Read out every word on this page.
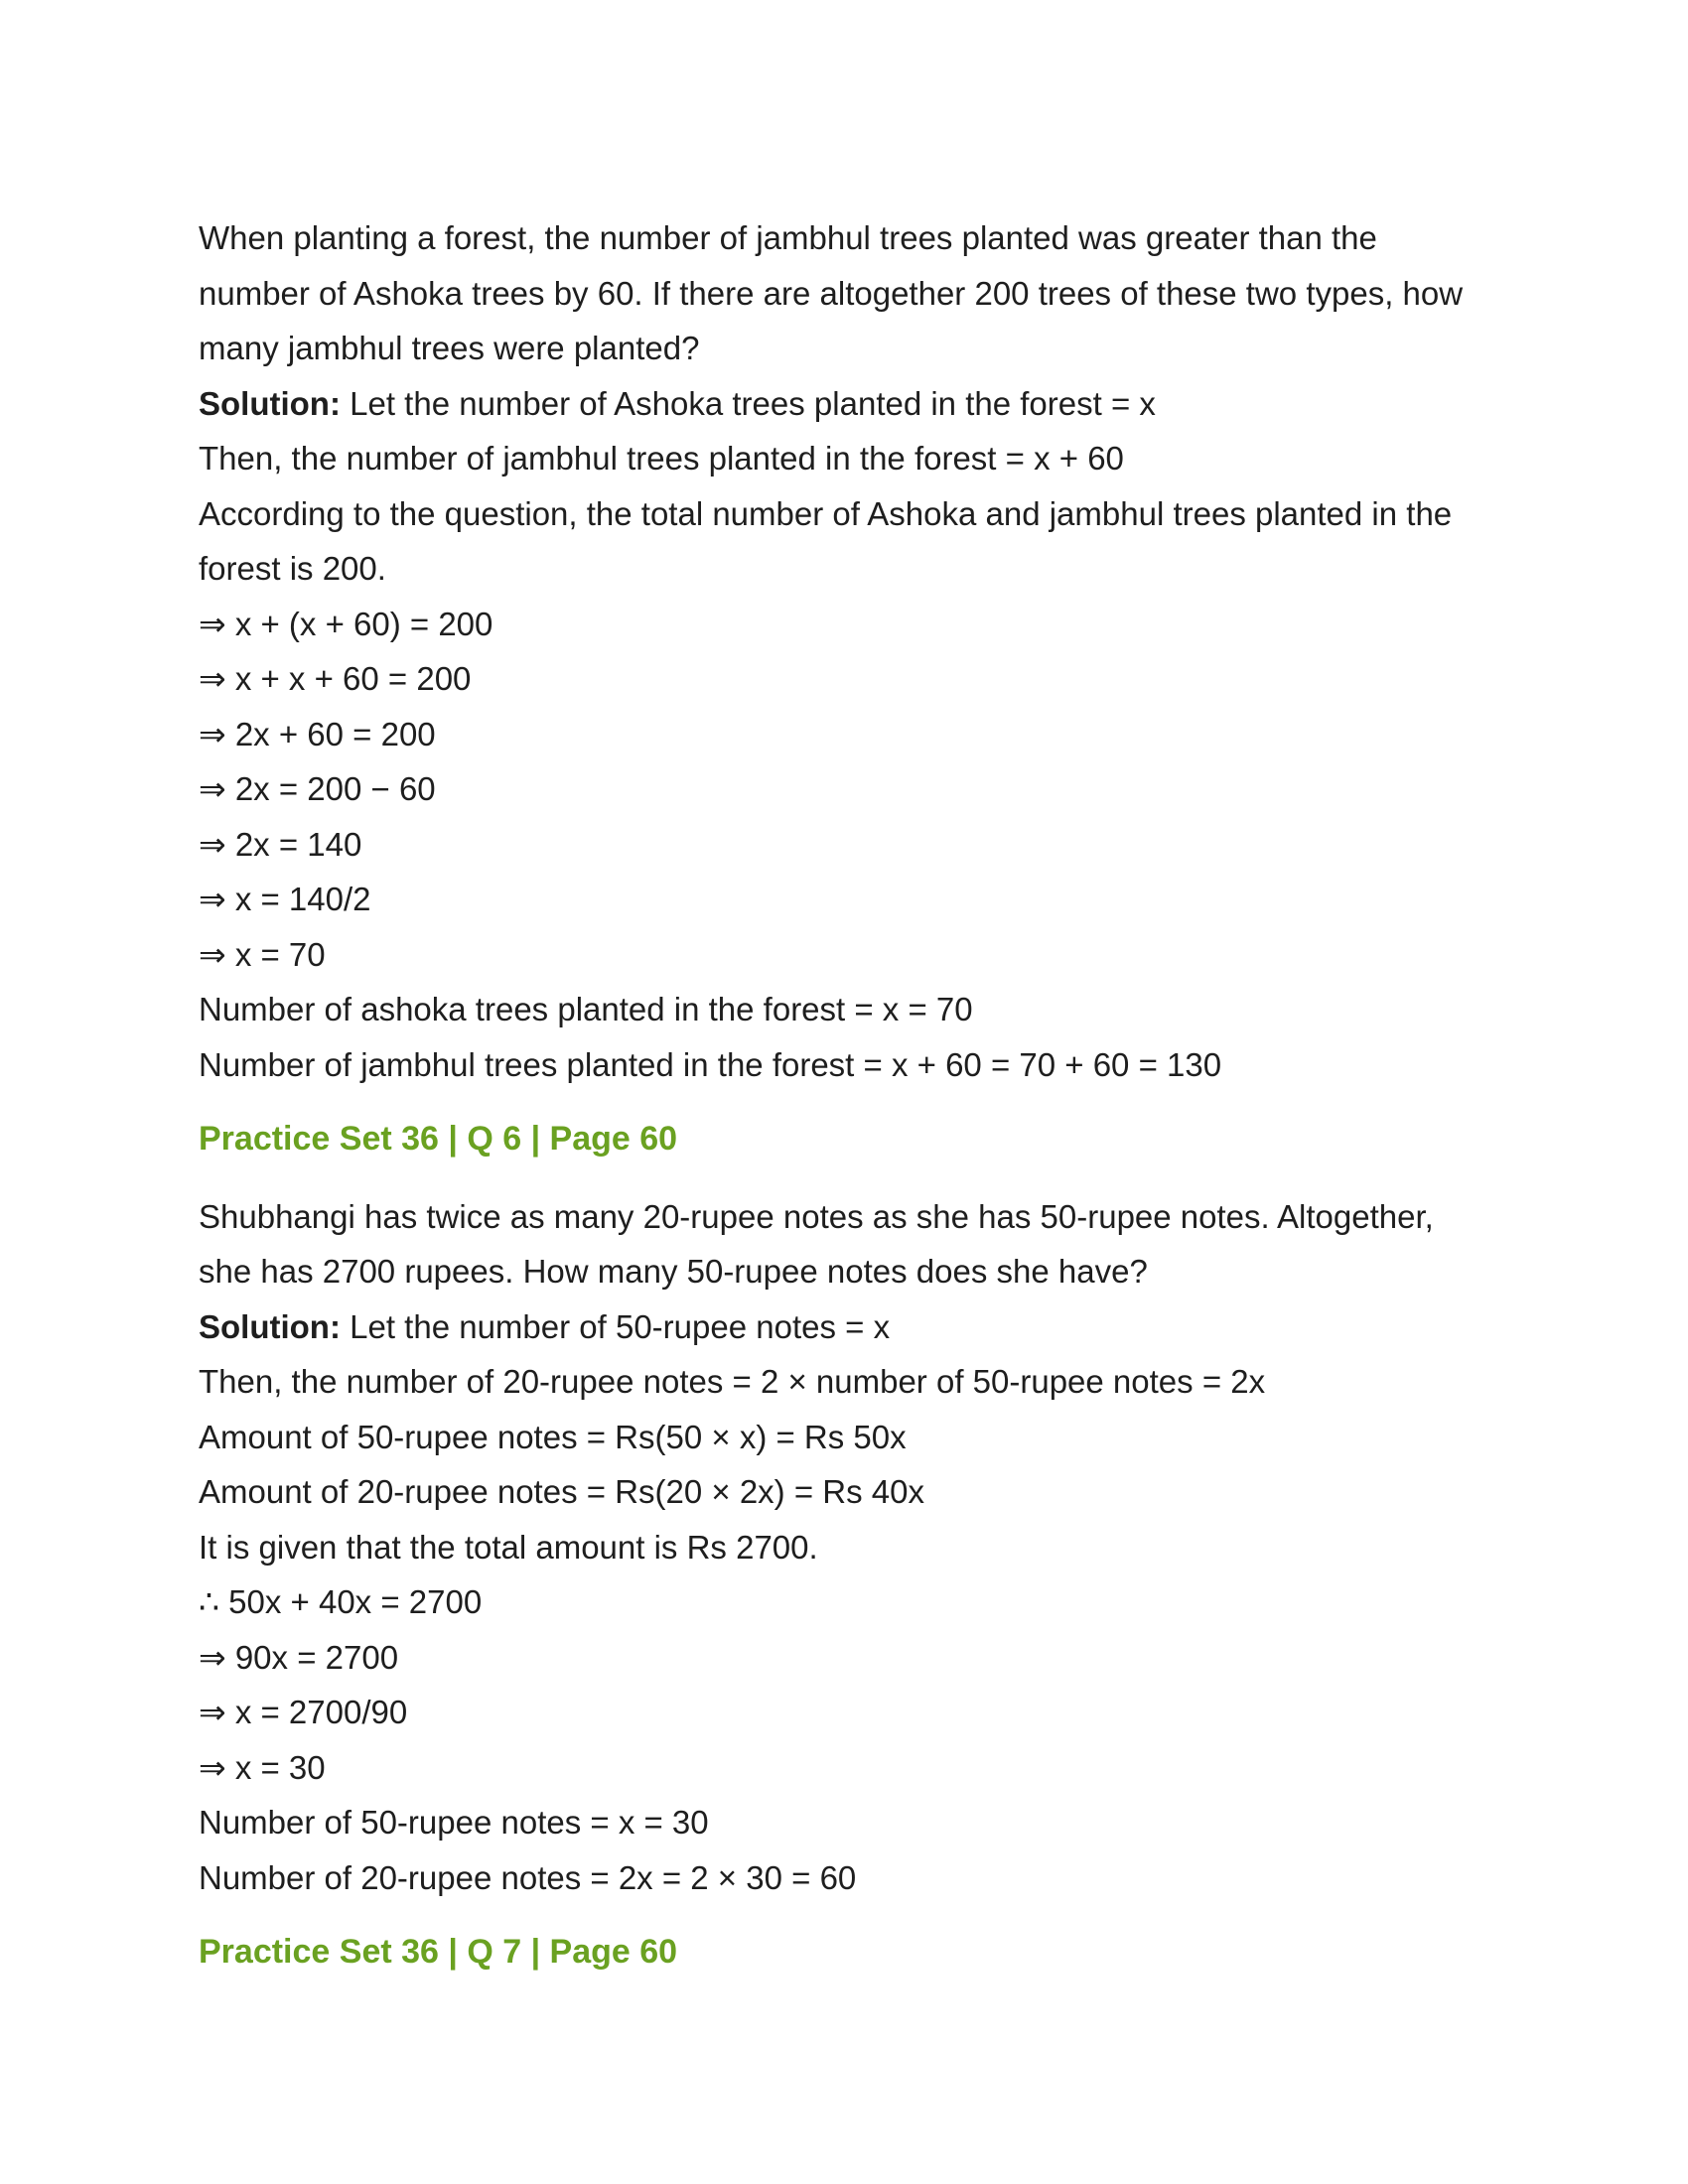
When planting a forest, the number of jambhul trees planted was greater than the
number of Ashoka trees by 60. If there are altogether 200 trees of these two types, how
many jambhul trees were planted?
Solution: Let the number of Ashoka trees planted in the forest = x
Then, the number of jambhul trees planted in the forest = x + 60
According to the question, the total number of Ashoka and jambhul trees planted in the
forest is 200.
⇒ x + (x + 60) = 200
⇒ x + x + 60 = 200
⇒ 2x + 60 = 200
⇒ 2x = 200 − 60
⇒ 2x = 140
⇒ x = 140/2
⇒ x = 70
Number of ashoka trees planted in the forest = x = 70
Number of jambhul trees planted in the forest = x + 60 = 70 + 60 = 130
Practice Set 36 | Q 6 | Page 60
Shubhangi has twice as many 20-rupee notes as she has 50-rupee notes. Altogether,
she has 2700 rupees. How many 50-rupee notes does she have?
Solution: Let the number of 50-rupee notes = x
Then, the number of 20-rupee notes = 2 × number of 50-rupee notes = 2x
Amount of 50-rupee notes = Rs(50 × x) = Rs 50x
Amount of 20-rupee notes = Rs(20 × 2x) = Rs 40x
It is given that the total amount is Rs 2700.
∴ 50x + 40x = 2700
⇒ 90x = 2700
⇒ x = 2700/90
⇒ x = 30
Number of 50-rupee notes = x = 30
Number of 20-rupee notes = 2x = 2 × 30 = 60
Practice Set 36 | Q 7 | Page 60
